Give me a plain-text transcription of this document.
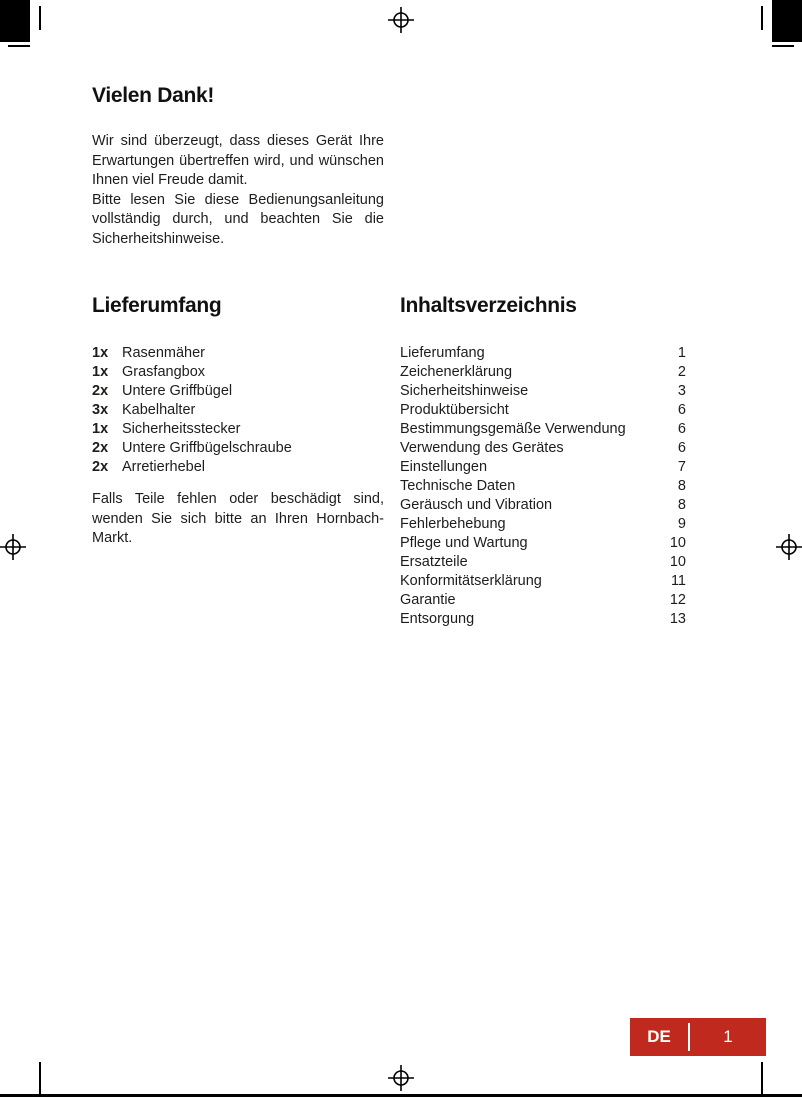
Vielen Dank!

Wir sind überzeugt, dass dieses Gerät Ihre Erwartungen übertreffen wird, und wünschen Ihnen viel Freude damit.

Bitte lesen Sie diese Bedienungsanleitung vollständig durch, und beachten Sie die Sicherheitshinweise.

Lieferumfang
1x Rasenmäher
1x Grasfangbox
2x Untere Griffbügel
3x Kabelhalter
1x Sicherheitsstecker
2x Untere Griffbügelschraube
2x Arretierhebel

Falls Teile fehlen oder beschädigt sind, wenden Sie sich bitte an Ihren Hornbach-Markt.

Inhaltsverzeichnis
Lieferumfang	1
Zeichenerklärung	2
Sicherheitshinweise	3
Produktübersicht	6
Bestimmungsgemäße Verwendung	6
Verwendung des Gerätes	6
Einstellungen	7
Technische Daten	8
Geräusch und Vibration	8
Fehlerbehebung	9
Pflege und Wartung	10
Ersatzteile	10
Konformitätserklärung	11
Garantie	12
Entsorgung	13
DE	1
